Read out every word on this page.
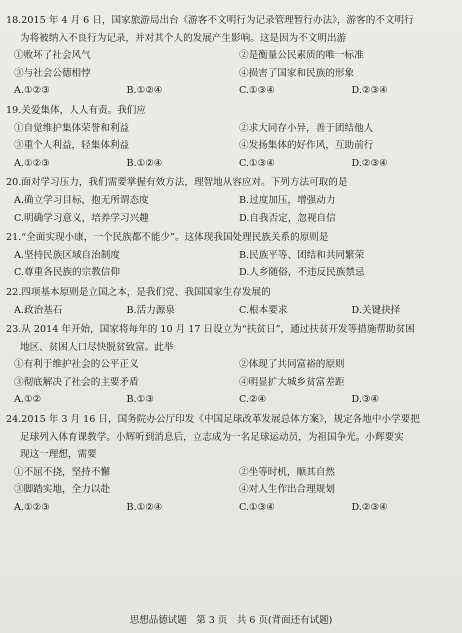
18.2015 年 4 月 6 日，国家旅游局出台《游客不文明行为记录管理暂行办法》，游客的不文明行
为将被纳入不良行为记录，并对其个人的发展产生影响。这是因为不文明出游
①败坏了社会风气	②是衡量公民素质的唯一标准
③与社会公德相悖	④损害了国家和民族的形象
A.①②③	B.①②④	C.①③④	D.②③④
19.关爱集体，人人有责。我们应
①自觉维护集体荣誉和利益	②求大同存小异，善于团结他人
③重个人利益，轻集体利益	④发扬集体的好作风，互助前行
A.①②③	B.①②④	C.①③④	D.②③④
20.面对学习压力，我们需要掌握有效方法，理智地从容应对。下列方法可取的是
A.确立学习目标，抱无所谓态度	B.过度加压，增强动力
C.明确学习意义，培养学习兴趣	D.自我否定，忽视自信
21.“全面实现小康，一个民族都不能少”。这体现我国处理民族关系的原则是
A.坚持民族区域自治制度	B.民族平等、团结和共同繁荣
C.尊重各民族的宗教信仰	D.人乡随俗，不违反民族禁忌
22.四项基本原则是立国之本，是我们党、我国国家生存发展的
A.政治基石	B.活力源泉	C.根本要求	D.关键抉择
23.从 2014 年开始，国家将每年的 10 月 17 日设立为“扶贫日”，通过扶贫开发等措施帮助贫困
地区、贫困人口尽快脱贫致富。此举
①有利于维护社会的公平正义	②体现了共同富裕的原则
③彻底解决了社会的主要矛盾	④明显扩大城乡贫富差距
A.①②	B.①③	C.②④	D.③④
24.2015 年 3 月 16 日，国务院办公厅印发《中国足球改革发展总体方案》，规定各地中小学要把
足球列入体育课教学。小辉听到消息后，立志成为一名足球运动员，为祖国争光。小辉要实
现这一理想，需要
①不屈不挠，坚持不懈	②坐等时机，顺其自然
③脚踏实地，全力以赴	④对人生作出合理规划
A.①②③	B.①②④	C.①③④	D.②③④
思想品德试题　第 3 页　共 6 页(背面还有试题)
